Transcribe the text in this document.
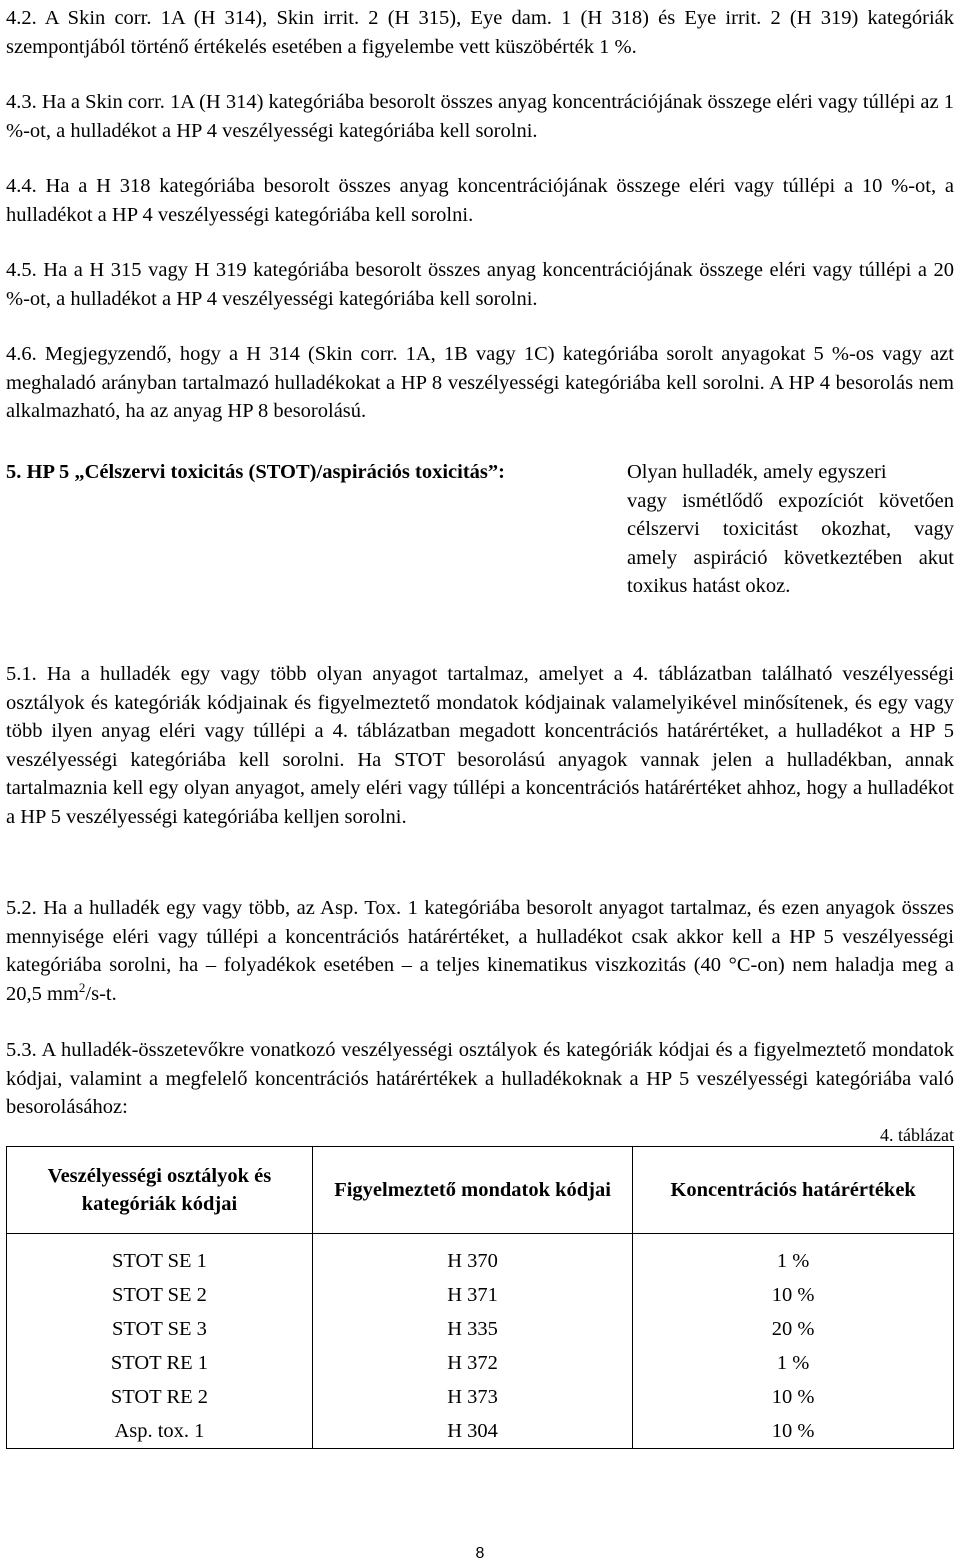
4.2. A Skin corr. 1A (H 314), Skin irrit. 2 (H 315), Eye dam. 1 (H 318) és Eye irrit. 2 (H 319) kategóriák szempontjából történő értékelés esetében a figyelembe vett küszöbérték 1 %.

4.3. Ha a Skin corr. 1A (H 314) kategóriába besorolt összes anyag koncentrációjának összege eléri vagy túllépi az 1 %-ot, a hulladékot a HP 4 veszélyességi kategóriába kell sorolni.

4.4. Ha a H 318 kategóriába besorolt összes anyag koncentrációjának összege eléri vagy túllépi a 10 %-ot, a hulladékot a HP 4 veszélyességi kategóriába kell sorolni.

4.5. Ha a H 315 vagy H 319 kategóriába besorolt összes anyag koncentrációjának összege eléri vagy túllépi a 20 %-ot, a hulladékot a HP 4 veszélyességi kategóriába kell sorolni.

4.6. Megjegyzendő, hogy a H 314 (Skin corr. 1A, 1B vagy 1C) kategóriába sorolt anyagokat 5 %-os vagy azt meghaladó arányban tartalmazó hulladékokat a HP 8 veszélyességi kategóriába kell sorolni. A HP 4 besorolás nem alkalmazható, ha az anyag HP 8 besorolású.

5. HP 5 „Célszervi toxicitás (STOT)/aspirációs toxicitás”:	Olyan hulladék, amely egyszeri
vagy ismétlődő expozíciót követően célszervi toxicitást okozhat, vagy amely aspiráció következtében akut toxikus hatást okoz.

5.1. Ha a hulladék egy vagy több olyan anyagot tartalmaz, amelyet a 4. táblázatban található veszélyességi osztályok és kategóriák kódjainak és figyelmeztető mondatok kódjainak valamelyikével minősítenek, és egy vagy több ilyen anyag eléri vagy túllépi a 4. táblázatban megadott koncentrációs határértéket, a hulladékot a HP 5 veszélyességi kategóriába kell sorolni. Ha STOT besorolású anyagok vannak jelen a hulladékban, annak tartalmaznia kell egy olyan anyagot, amely eléri vagy túllépi a koncentrációs határértéket ahhoz, hogy a hulladékot a HP 5 veszélyességi kategóriába kelljen sorolni.

5.2. Ha a hulladék egy vagy több, az Asp. Tox. 1 kategóriába besorolt anyagot tartalmaz, és ezen anyagok összes mennyisége eléri vagy túllépi a koncentrációs határértéket, a hulladékot csak akkor kell a HP 5 veszélyességi kategóriába sorolni, ha – folyadékok esetében – a teljes kinematikus viszkozitás (40 °C-on) nem haladja meg a 20,5 $mm^2/s-t$.

5.3. A hulladék-összetevőkre vonatkozó veszélyességi osztályok és kategóriák kódjai és a figyelmeztető mondatok kódjai, valamint a megfelelő koncentrációs határértékek a hulladékoknak a HP 5 veszélyességi kategóriába való besorolásához:

4. táblázat
Veszélyességi osztályok és kategóriák kódjai	Figyelmeztető mondatok kódjai	Koncentrációs határértékek

STOT SE 1	H 370	1 %
STOT SE 2	H 371	10 %
STOT SE 3	H 335	20 %
STOT RE 1	H 372	1 %
STOT RE 2	H 373	10 %
Asp. tox. 1	H 304	10 %
8
